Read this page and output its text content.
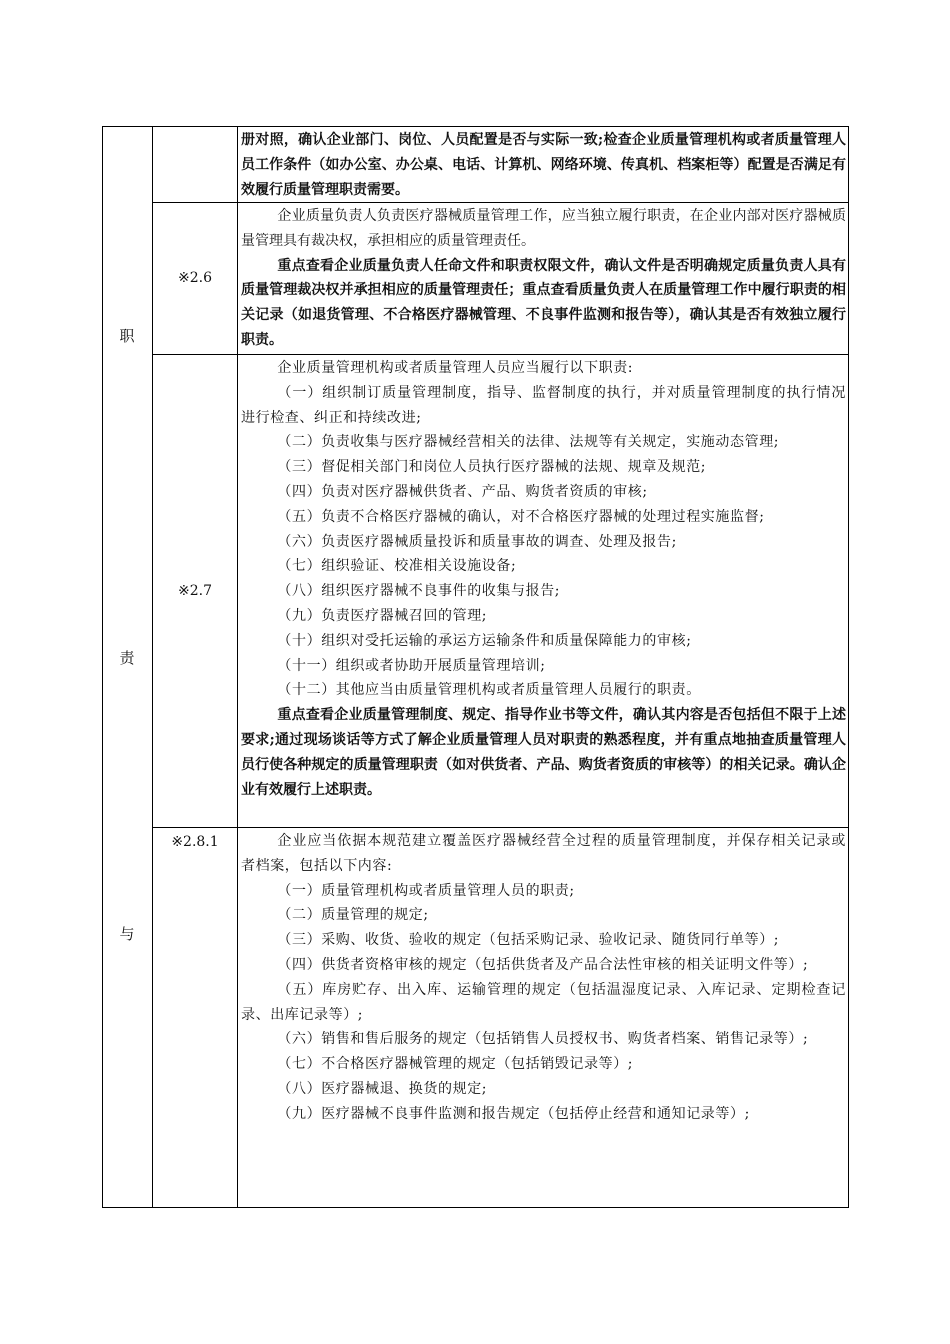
职
责
与
※2.6
※2.7
※2.8.1

册对照，确认企业部门、岗位、人员配置是否与实际一致;检查企业质量管理机构或者质量管理人员工作条件（如办公室、办公桌、电话、计算机、网络环境、传真机、档案柜等）配置是否满足有效履行质量管理职责需要。

企业质量负责人负责医疗器械质量管理工作，应当独立履行职责，在企业内部对医疗器械质量管理具有裁决权，承担相应的质量管理责任。

重点查看企业质量负责人任命文件和职责权限文件，确认文件是否明确规定质量负责人具有质量管理裁决权并承担相应的质量管理责任；重点查看质量负责人在质量管理工作中履行职责的相关记录（如退货管理、不合格医疗器械管理、不良事件监测和报告等），确认其是否有效独立履行职责。

企业质量管理机构或者质量管理人员应当履行以下职责:

（一）组织制订质量管理制度，指导、监督制度的执行，并对质量管理制度的执行情况进行检查、纠正和持续改进;

（二）负责收集与医疗器械经营相关的法律、法规等有关规定，实施动态管理;

（三）督促相关部门和岗位人员执行医疗器械的法规、规章及规范;

（四）负责对医疗器械供货者、产品、购货者资质的审核;

（五）负责不合格医疗器械的确认，对不合格医疗器械的处理过程实施监督;

（六）负责医疗器械质量投诉和质量事故的调查、处理及报告;

（七）组织验证、校准相关设施设备;

（八）组织医疗器械不良事件的收集与报告;

（九）负责医疗器械召回的管理;

（十）组织对受托运输的承运方运输条件和质量保障能力的审核;

（十一）组织或者协助开展质量管理培训;

（十二）其他应当由质量管理机构或者质量管理人员履行的职责。

重点查看企业质量管理制度、规定、指导作业书等文件，确认其内容是否包括但不限于上述要求;通过现场谈话等方式了解企业质量管理人员对职责的熟悉程度，并有重点地抽查质量管理人员行使各种规定的质量管理职责（如对供货者、产品、购货者资质的审核等）的相关记录。确认企业有效履行上述职责。

企业应当依据本规范建立覆盖医疗器械经营全过程的质量管理制度，并保存相关记录或者档案，包括以下内容:

（一）质量管理机构或者质量管理人员的职责;

（二）质量管理的规定;

（三）采购、收货、验收的规定（包括采购记录、验收记录、随货同行单等）;

（四）供货者资格审核的规定（包括供货者及产品合法性审核的相关证明文件等）;

（五）库房贮存、出入库、运输管理的规定（包括温湿度记录、入库记录、定期检查记录、出库记录等）;

（六）销售和售后服务的规定（包括销售人员授权书、购货者档案、销售记录等）;

（七）不合格医疗器械管理的规定（包括销毁记录等）;

（八）医疗器械退、换货的规定;

（九）医疗器械不良事件监测和报告规定（包括停止经营和通知记录等）;
